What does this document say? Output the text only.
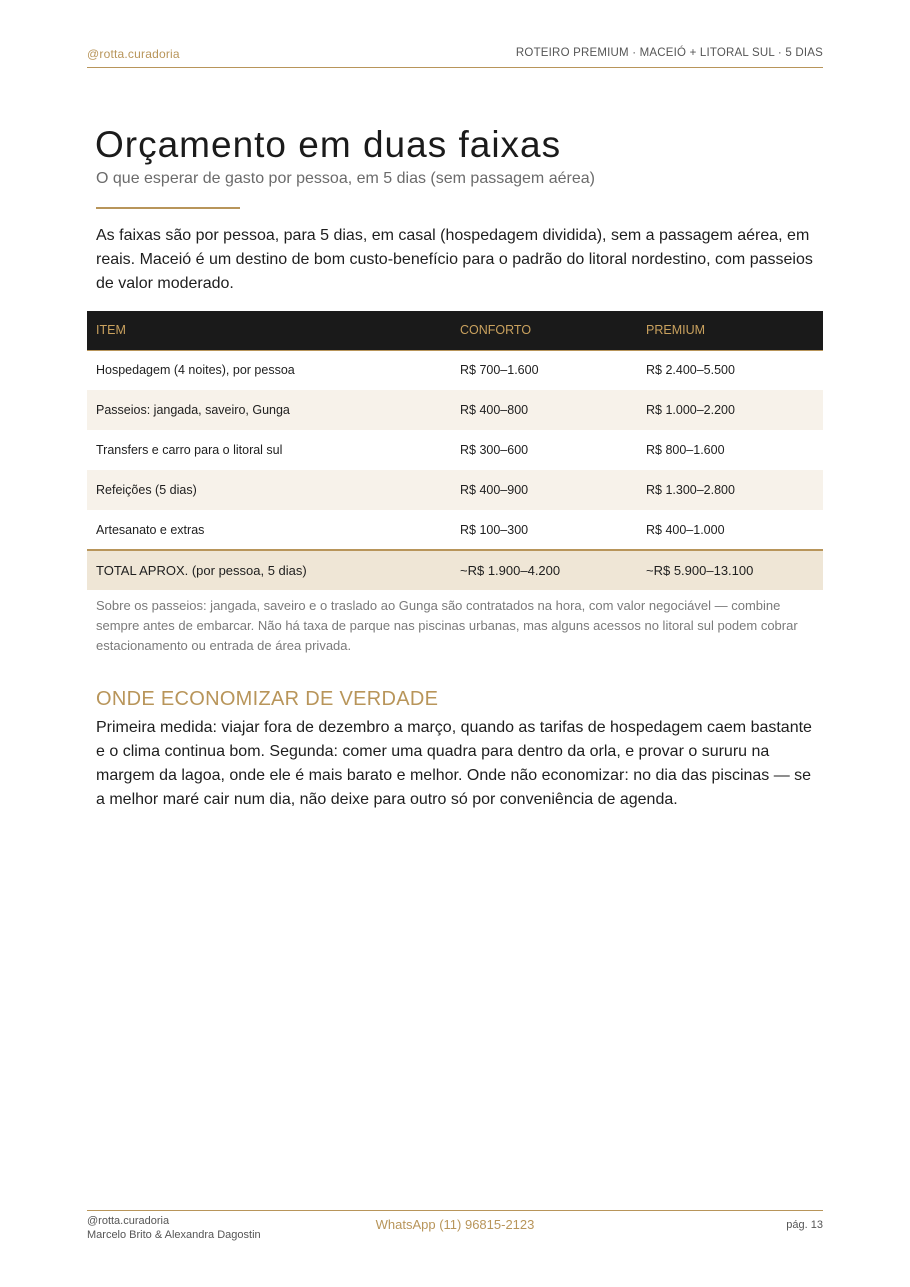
@rotta.curadoria	ROTEIRO PREMIUM · MACEIÓ + LITORAL SUL · 5 DIAS
Orçamento em duas faixas
O que esperar de gasto por pessoa, em 5 dias (sem passagem aérea)

As faixas são por pessoa, para 5 dias, em casal (hospedagem dividida), sem a passagem aérea, em reais. Maceió é um destino de bom custo-benefício para o padrão do litoral nordestino, com passeios de valor moderado.

ITEM	CONFORTO	PREMIUM
Hospedagem (4 noites), por pessoa	R$ 700–1.600	R$ 2.400–5.500
Passeios: jangada, saveiro, Gunga	R$ 400–800	R$ 1.000–2.200
Transfers e carro para o litoral sul	R$ 300–600	R$ 800–1.600
Refeições (5 dias)	R$ 400–900	R$ 1.300–2.800
Artesanato e extras	R$ 100–300	R$ 400–1.000
TOTAL APROX. (por pessoa, 5 dias)	~R$ 1.900–4.200	~R$ 5.900–13.100

Sobre os passeios: jangada, saveiro e o traslado ao Gunga são contratados na hora, com valor negociável — combine sempre antes de embarcar. Não há taxa de parque nas piscinas urbanas, mas alguns acessos no litoral sul podem cobrar estacionamento ou entrada de área privada.

ONDE ECONOMIZAR DE VERDADE

Primeira medida: viajar fora de dezembro a março, quando as tarifas de hospedagem caem bastante e o clima continua bom. Segunda: comer uma quadra para dentro da orla, e provar o sururu na margem da lagoa, onde ele é mais barato e melhor. Onde não economizar: no dia das piscinas — se a melhor maré cair num dia, não deixe para outro só por conveniência de agenda.

@rotta.curadoria
Marcelo Brito & Alexandra Dagostin
WhatsApp (11) 96815-2123	pág. 13
